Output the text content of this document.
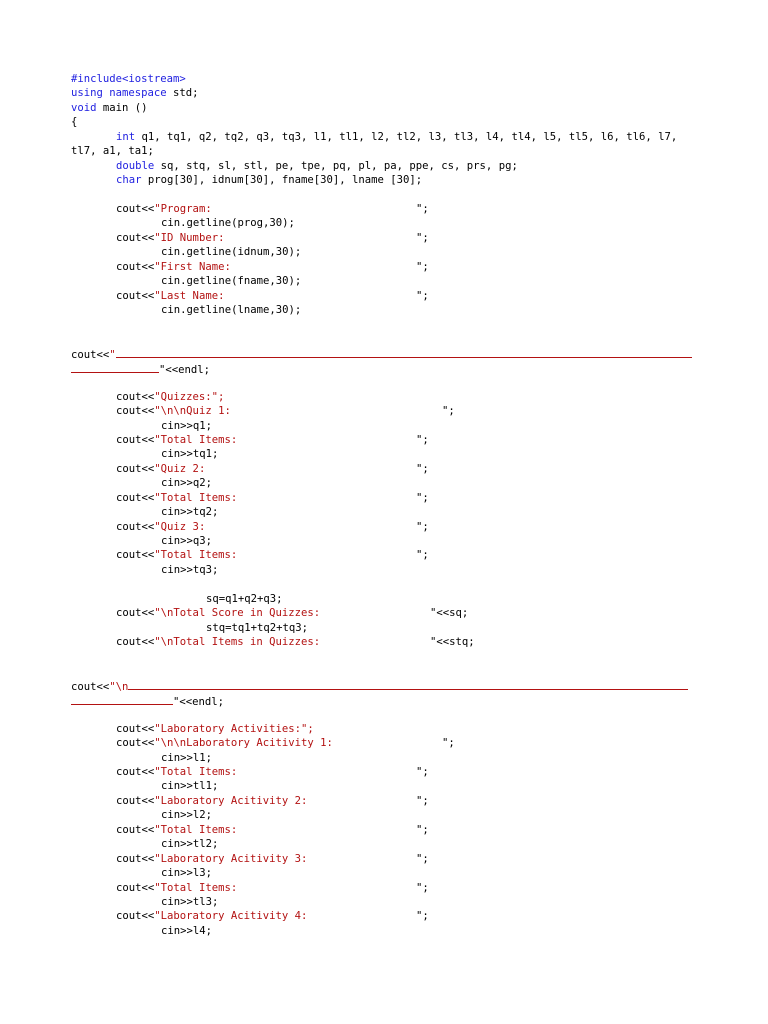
#include<iostream>
using namespace std;
void main ()
{
int q1, tq1, q2, tq2, q3, tq3, l1, tl1, l2, tl2, l3, tl3, l4, tl4, l5, tl5, l6, tl6, l7,
tl7, a1, ta1;
double sq, stq, sl, stl, pe, tpe, pq, pl, pa, ppe, cs, prs, pg;
char prog[30], idnum[30], fname[30], lname [30];
cout<<"Program:	";
cin.getline(prog,30);
cout<<"ID Number:	";
cin.getline(idnum,30);
cout<<"First Name:	";
cin.getline(fname,30);
cout<<"Last Name:	";
cin.getline(lname,30);
cout<<"
"<<endl;
cout<<"Quizzes:";
cout<<"\n\nQuiz 1:	";
cin>>q1;
cout<<"Total Items:	";
cin>>tq1;
cout<<"Quiz 2:	";
cin>>q2;
cout<<"Total Items:	";
cin>>tq2;
cout<<"Quiz 3:	";
cin>>q3;
cout<<"Total Items:	";
cin>>tq3;
sq=q1+q2+q3;
cout<<"\nTotal Score in Quizzes:	"<<sq;
stq=tq1+tq2+tq3;
cout<<"\nTotal Items in Quizzes:	"<<stq;
cout<<"\n
"<<endl;
cout<<"Laboratory Activities:";
cout<<"\n\nLaboratory Acitivity 1:	";
cin>>l1;
cout<<"Total Items:	";
cin>>tl1;
cout<<"Laboratory Acitivity 2:	";
cin>>l2;
cout<<"Total Items:	";
cin>>tl2;
cout<<"Laboratory Acitivity 3:	";
cin>>l3;
cout<<"Total Items:	";
cin>>tl3;
cout<<"Laboratory Acitivity 4:	";
cin>>l4;
